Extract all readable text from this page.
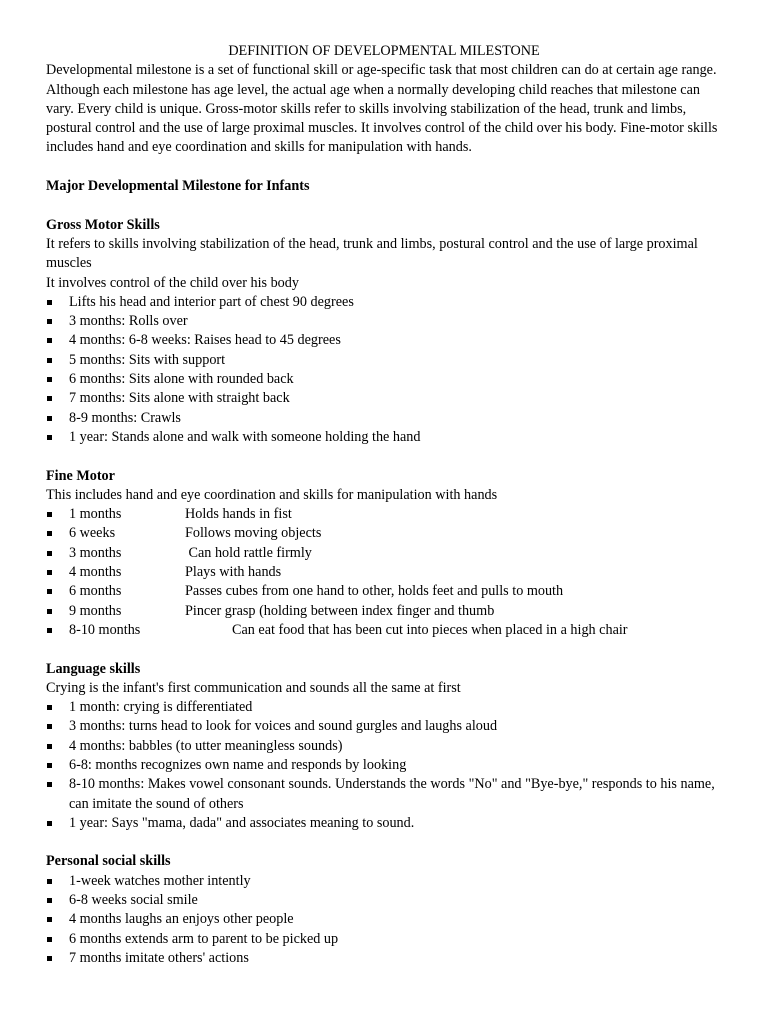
DEFINITION OF DEVELOPMENTAL MILESTONE

Developmental milestone is a set of functional skill or age-specific task that most children can do at certain age range. Although each milestone has age level, the actual age when a normally developing child reaches that milestone can vary. Every child is unique. Gross-motor skills refer to skills involving stabilization of the head, trunk and limbs, postural control and the use of large proximal muscles. It involves control of the child over his body. Fine-motor skills includes hand and eye coordination and skills for manipulation with hands.

Major Developmental Milestone for Infants
Gross Motor Skills

It refers to skills involving stabilization of the head, trunk and limbs, postural control and the use of large proximal muscles

It involves control of the child over his body

Lifts his head and interior part of chest 90 degrees
3 months: Rolls over
4 months: 6-8 weeks: Raises head to 45 degrees
5 months: Sits with support
6 months: Sits alone with rounded back
7 months: Sits alone with straight back
8-9 months: Crawls
1 year: Stands alone and walk with someone holding the hand
Fine Motor

This includes hand and eye coordination and skills for manipulation with hands

1 months	Holds hands in fist
6 weeks	Follows moving objects
3 months	Can hold rattle firmly
4 months	Plays with hands
6 months	Passes cubes from one hand to other, holds feet and pulls to mouth
9 months	Pincer grasp (holding between index finger and thumb
8-10 months	Can eat food that has been cut into pieces when placed in a high chair
Language skills

Crying is the infant's first communication and sounds all the same at first

1 month: crying is differentiated
3 months: turns head to look for voices and sound gurgles and laughs aloud
4 months: babbles (to utter meaningless sounds)
6-8: months recognizes own name and responds by looking
8-10 months: Makes vowel consonant sounds. Understands the words "No" and "Bye-bye," responds to his name, can imitate the sound of others
1 year: Says "mama, dada" and associates meaning to sound.
Personal social skills
1-week watches mother intently
6-8 weeks social smile
4 months laughs an enjoys other people
6 months extends arm to parent to be picked up
7 months imitate others' actions
